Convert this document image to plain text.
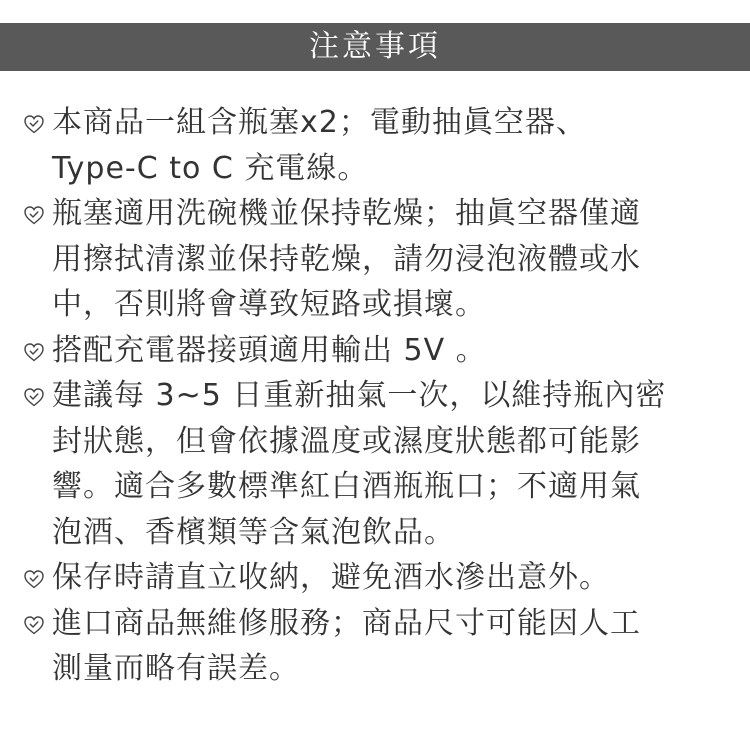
注意事項
本商品一組含瓶塞x2；電動抽眞空器、
Type-C to C 充電線。
瓶塞適用洗碗機並保持乾燥；抽眞空器僅適
用擦拭清潔並保持乾燥，請勿浸泡液體或水
中，否則將會導致短路或損壞。
搭配充電器接頭適用輸出 5V 。
建議每 3~5 日重新抽氣一次，以維持瓶內密
封狀態，但會依據溫度或濕度狀態都可能影
響。適合多數標準紅白酒瓶瓶口；不適用氣
泡酒、香檳類等含氣泡飲品。
保存時請直立收納，避免酒水滲出意外。
進口商品無維修服務；商品尺寸可能因人工
測量而略有誤差。
